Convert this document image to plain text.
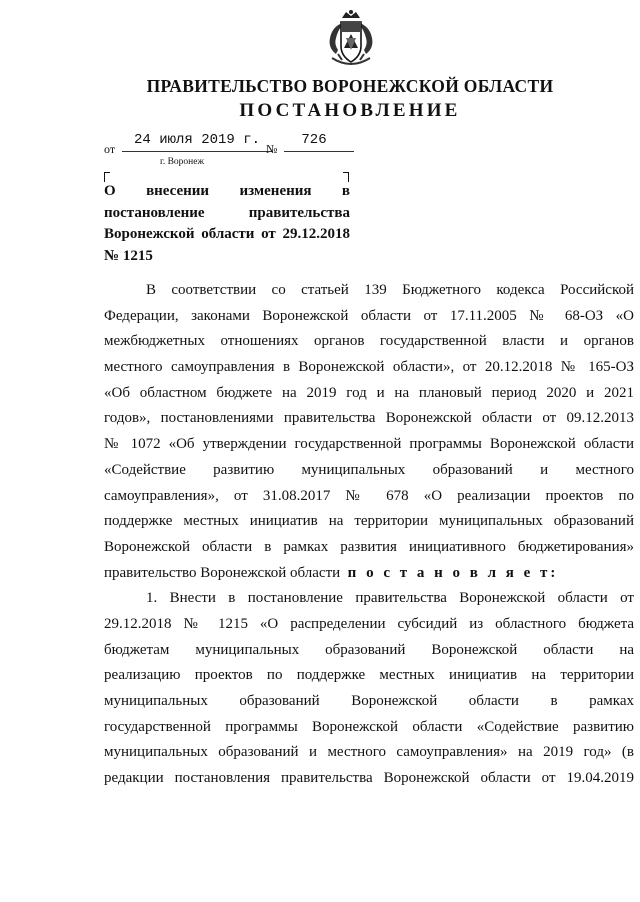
ПРАВИТЕЛЬСТВО ВОРОНЕЖСКОЙ ОБЛАСТИ
ПОСТАНОВЛЕНИЕ
от
24 июля 2019 г.
№
726
г. Воронеж
О внесении изменения в
постановление правительства
Воронежской области от 29.12.2018
№ 1215
В соответствии со статьей 139 Бюджетного кодекса Российской
Федерации, законами Воронежской области от 17.11.2005 № 68-ОЗ «О
межбюджетных отношениях органов государственной власти и органов
местного самоуправления в Воронежской области», от 20.12.2018 № 165-ОЗ
«Об областном бюджете на 2019 год и на плановый период 2020 и 2021
годов», постановлениями правительства Воронежской области от 09.12.2013
№ 1072 «Об утверждении государственной программы Воронежской области
«Содействие развитию муниципальных образований и местного
самоуправления», от 31.08.2017 № 678 «О реализации проектов по
поддержке местных инициатив на территории муниципальных образований
Воронежской области в рамках развития инициативного бюджетирования»
правительство Воронежской области п о с т а н о в л я е т:
1. Внести в постановление правительства Воронежской области от
29.12.2018 № 1215 «О распределении субсидий из областного бюджета
бюджетам муниципальных образований Воронежской области на
реализацию проектов по поддержке местных инициатив на территории
муниципальных образований Воронежской области в рамках
государственной программы Воронежской области «Содействие развитию
муниципальных образований и местного самоуправления» на 2019 год» (в
редакции постановления правительства Воронежской области от 19.04.2019
